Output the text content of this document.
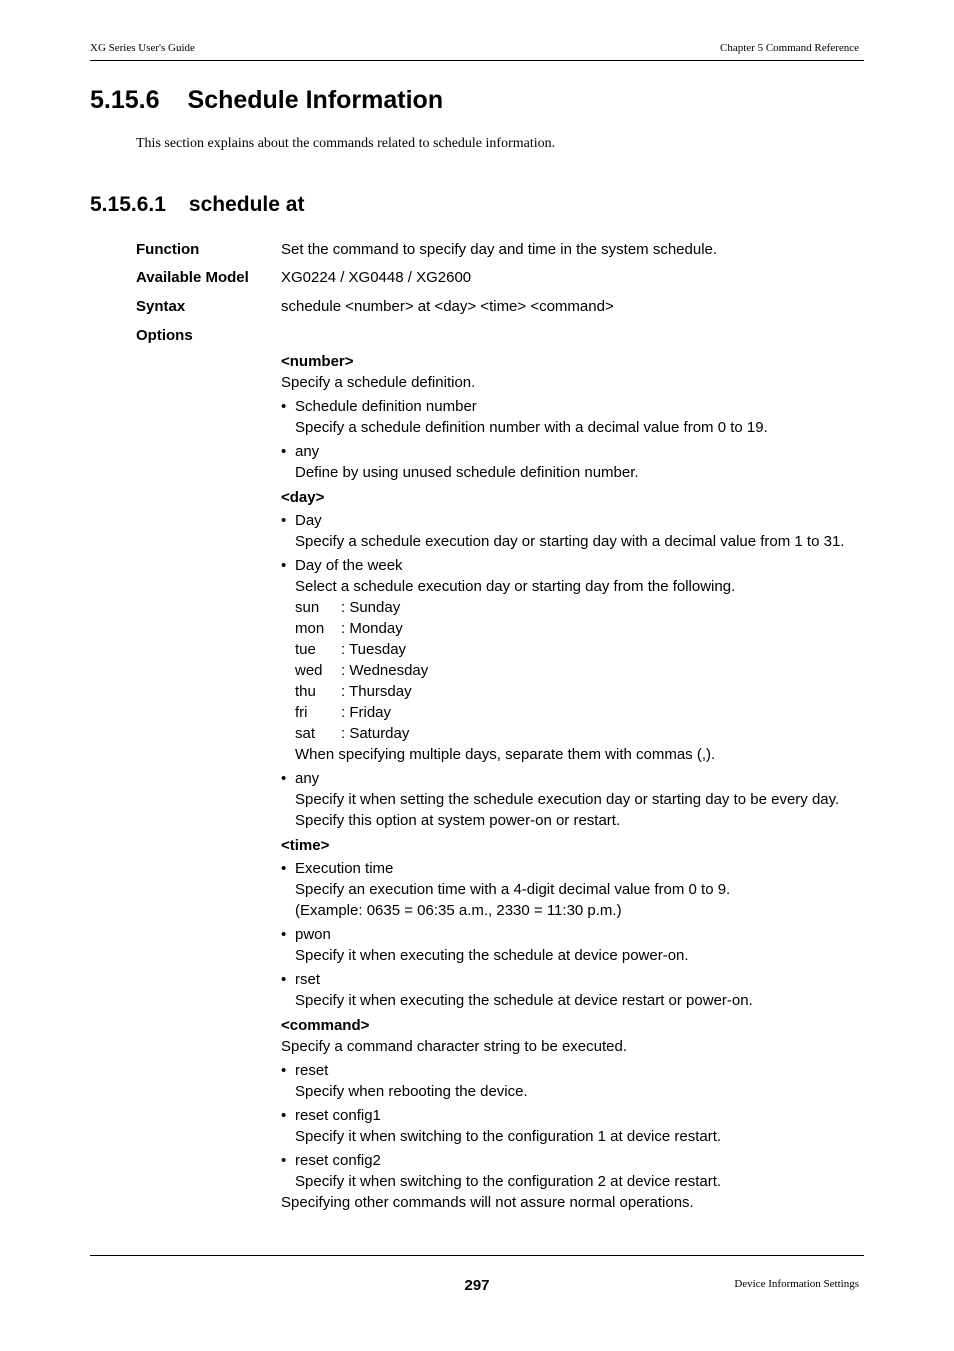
XG Series User's Guide	Chapter 5 Command Reference
5.15.6 Schedule Information
This section explains about the commands related to schedule information.
5.15.6.1 schedule at
Function	Set the command to specify day and time in the system schedule.
Available Model XG0224 / XG0448 / XG2600
Syntax	schedule <number> at <day> <time> <command>
Options
<number>
Specify a schedule definition.
• Schedule definition number
Specify a schedule definition number with a decimal value from 0 to 19.
• any
Define by using unused schedule definition number.
<day>
• Day
Specify a schedule execution day or starting day with a decimal value from 1 to 31.
• Day of the week
Select a schedule execution day or starting day from the following.
sun : Sunday
mon : Monday
tue : Tuesday
wed : Wednesday
thu : Thursday
fri : Friday
sat : Saturday
When specifying multiple days, separate them with commas (,).
• any
Specify it when setting the schedule execution day or starting day to be every day.
Specify this option at system power-on or restart.
<time>
• Execution time
Specify an execution time with a 4-digit decimal value from 0 to 9.
(Example: 0635 = 06:35 a.m., 2330 = 11:30 p.m.)
• pwon
Specify it when executing the schedule at device power-on.
• rset
Specify it when executing the schedule at device restart or power-on.
<command>
Specify a command character string to be executed.
• reset
Specify when rebooting the device.
• reset config1
Specify it when switching to the configuration 1 at device restart.
• reset config2
Specify it when switching to the configuration 2 at device restart.
Specifying other commands will not assure normal operations.
297	Device Information Settings
